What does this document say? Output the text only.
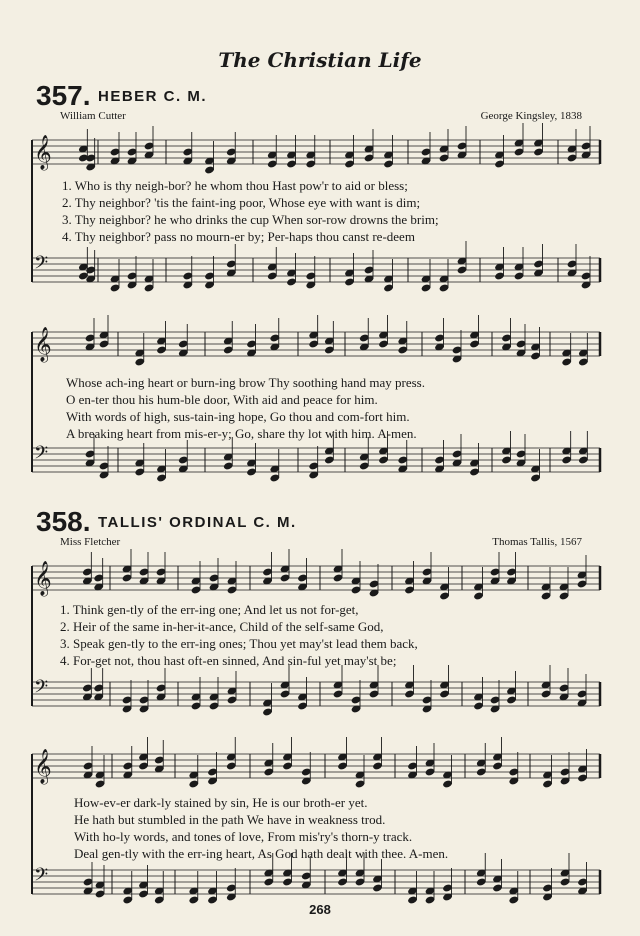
The Christian Life
357. HEBER C. M.
William Cutter	George Kingsley, 1838
1. Who is thy neigh-bor? he whom thou Hast pow'r to aid or bless;
2. Thy neighbor? 'tis the faint-ing poor, Whose eye with want is dim;
3. Thy neighbor? he who drinks the cup When sor-row drowns the brim;
4. Thy neighbor? pass no mourn-er by; Per-haps thou canst re-deem
Whose ach-ing heart or burn-ing brow Thy soothing hand may press.
O en-ter thou his hum-ble door, With aid and peace for him.
With words of high, sus-tain-ing hope, Go thou and com-fort him.
A breaking heart from mis-er-y; Go, share thy lot with him. A-men.
358. TALLIS' ORDINAL C. M.
Miss Fletcher	Thomas Tallis, 1567
1. Think gen-tly of the err-ing one; And let us not for-get,
2. Heir of the same in-her-it-ance, Child of the self-same God,
3. Speak gen-tly to the err-ing ones; Thou yet may'st lead them back,
4. For-get not, thou hast oft-en sinned, And sin-ful yet may'st be;
How-ev-er dark-ly stained by sin, He is our broth-er yet.
He hath but stumbled in the path We have in weakness trod.
With ho-ly words, and tones of love, From mis'ry's thorn-y track.
Deal gen-tly with the err-ing heart, As God hath dealt with thee. A-men.
268
𝄞
𝄢
𝄞
𝄢
𝄞
𝄢
𝄞
𝄢
